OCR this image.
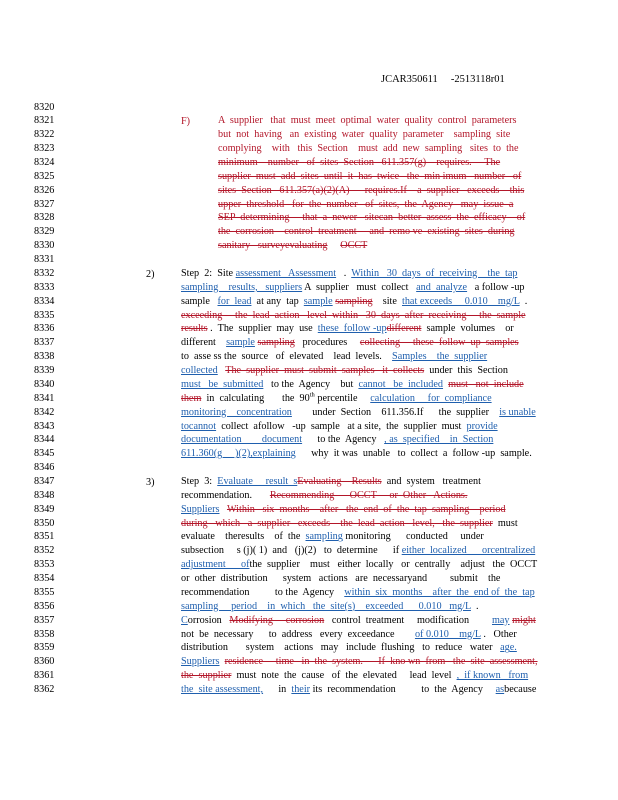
JCAR350611     -2513118r01
8320
8321
8322
8323
8324
8325
8326
8327
8328
8329
8330
8331
8332
8333
8334
8335
8336
8337
8338
8339
8340
8341
8342
8343
8344
8345
8346
8347
8348
8349
8350
8351
8352
8353
8354
8355
8356
8357
8358
8359
8360
8361
8362
F)
2)
3)
A  supplier   that  must  meet  optimal  water  quality  control  parameters
but  not  having   an  existing  water  quality  parameter    sampling  site
complying    with   this  Section    must  add  new  sampling   sites  to  the
minimum    number   of  sites  Section   611.357(g)    requires.     The
supplier  must  add  sites  until  it  has  twice   the  min imum   number   of
sites  Section   611.357(a)(2)(A)      requires.If    a  supplier   exceeds    this
upper  threshold   for  the  number   of  sites,  the  Agency   may  issue  a
SEP  determining     that  a  newer   sitecan  better  assess  the  efficacy    of
the  corrosion    control  treatment     and  remo ve  existing  sites  during
sanitary   surveyevaluating OCCT
Step  2:  Site assessment   Assessment   .  Within   30  days  of  receiving    the  tap
sampling    results,   suppliers A  supplier   must  collect   and  analyze   a follow -up
sample   for  lead  at any  tap  sample sampling    site  that exceeds     0.010    mg/L  .
exceeding     the  lead  action   level  within   30  days  after  receiving     the  sample
results .  The  supplier  may  use  these  follow -updifferent  sample  volumes    or
different    sample sampling   procedures     collecting     these  follow  up  samples
to  asse ss the  source   of  elevated    lead  levels.    Samples    the  supplier
collected The  supplier  must  submit  samples   it  collects  under  this  Section
must   be  submitted   to the  Agency    but  cannot   be  included must   not  include
them  in  calculating       the  90th percentile     calculation     for  compliance
monitoring    concentration        under  Section    611.356.If      the  supplier    is unable
tocannot  collect  afollow   -up  sample   at a site,  the  supplier  must  provide
documentation        document      to the  Agency   , as  specified    in  Section
611.360(g     )(2),explaining      why  it was  unable   to  collect  a  follow -up  sample.
Step  3:  Evaluate     result  sEvaluating    Results  and  system   treatment
recommendation.       Recommending      OCCT     or  Other   Actions.
Suppliers Within   six  months    after   the  end  of  the  tap  sampling    period
during   which   a  supplier   exceeds    the  lead  action   level,   the  supplier  must
evaluate    theresults    of  the  sampling monitoring      conducted     under
subsection     s (j)( 1)  and   (j)(2)   to  determine      if either  localized      orcentralized
adjustment      ofthe  supplier    must   either  locally   or  centrally    adjust   the  OCCT
or  other  distribution      system   actions   are  necessaryand         submit    the
recommendation          to the  Agency    within  six  months    after  the  end of  the  tap
sampling     period    in  which   the  site(s)    exceeded      0.010   mg/L  .
Corrosion   Modifying     corrosion   control  treatment     modification         may might
not  be  necessary      to  address   every  exceedance        of 0.010    mg/L .   Other
distribution       system    actions   may   include  flushing   to  reduce   water   age.
Suppliers residence     time   in  the  system.      If  kno wn  from   the  site  assessment,
the  supplier  must  note  the  cause   of  the  elevated     lead  level  ,  if known   from
the  site assessment,      in  their its  recommendation          to  the  Agency     asbecause
